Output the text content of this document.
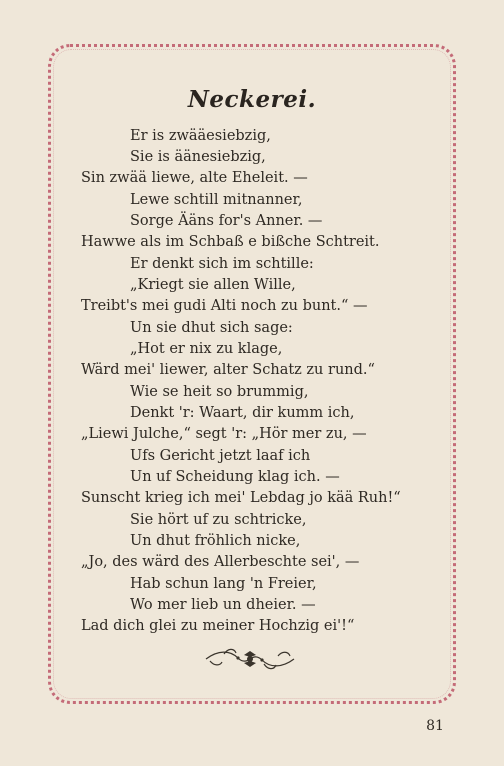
Neckerei.
Er is zwääesiebzig,
Sie is äänesiebzig,
Sin zwää liewe, alte Eheleit. —
Lewe schtill mitnanner,
Sorge Ääns for's Anner. —
Hawwe als im Schbaß e bißche Schtreit.
Er denkt sich im schtille:
„Kriegt sie allen Wille,
Treibt's mei gudi Alti noch zu bunt.“ —
Un sie dhut sich sage:
„Hot er nix zu klage,
Wärd mei' liewer, alter Schatz zu rund.“
Wie se heit so brummig,
Denkt 'r: Waart, dir kumm ich,
„Liewi Julche,“ segt 'r: „Hör mer zu, —
Ufs Gericht jetzt laaf ich
Un uf Scheidung klag ich. —
Sunscht krieg ich mei' Lebdag jo kää Ruh!“
Sie hört uf zu schtricke,
Un dhut fröhlich nicke,
„Jo, des wärd des Allerbeschte sei', —
Hab schun lang 'n Freier,
Wo mer lieb un dheier. —
Lad dich glei zu meiner Hochzig ei'!“
81
